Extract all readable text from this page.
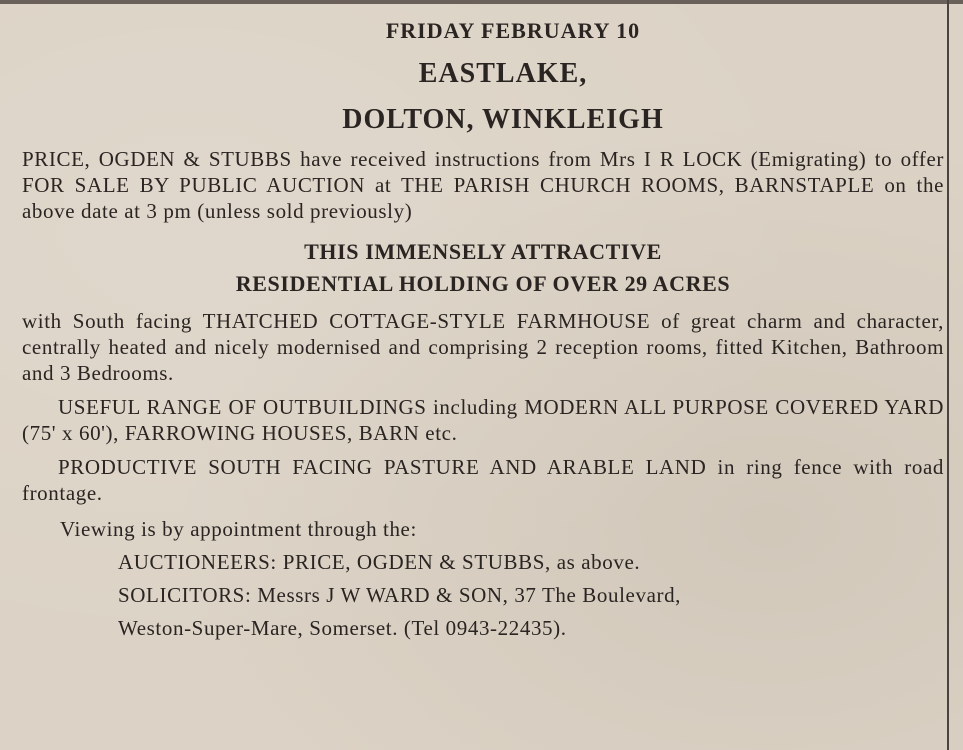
FRIDAY FEBRUARY 10
EASTLAKE,
DOLTON, WINKLEIGH
PRICE, OGDEN & STUBBS have received instructions from Mrs I R LOCK (Emigrating) to offer FOR SALE BY PUBLIC AUCTION at THE PARISH CHURCH ROOMS, BARNSTAPLE on the above date at 3 pm (unless sold previously)
THIS IMMENSELY ATTRACTIVE
RESIDENTIAL HOLDING OF OVER 29 ACRES
with South facing THATCHED COTTAGE-STYLE FARMHOUSE of great charm and character, centrally heated and nicely modernised and comprising 2 reception rooms, fitted Kitchen, Bathroom and 3 Bedrooms.
USEFUL RANGE OF OUTBUILDINGS including MODERN ALL PURPOSE COVERED YARD (75' x 60'), FARROWING HOUSES, BARN etc.
PRODUCTIVE SOUTH FACING PASTURE AND ARABLE LAND in ring fence with road frontage.
Viewing is by appointment through the:
AUCTIONEERS: PRICE, OGDEN & STUBBS, as above.
SOLICITORS: Messrs J W WARD & SON, 37 The Boulevard,
Weston-Super-Mare, Somerset. (Tel 0943-22435).
